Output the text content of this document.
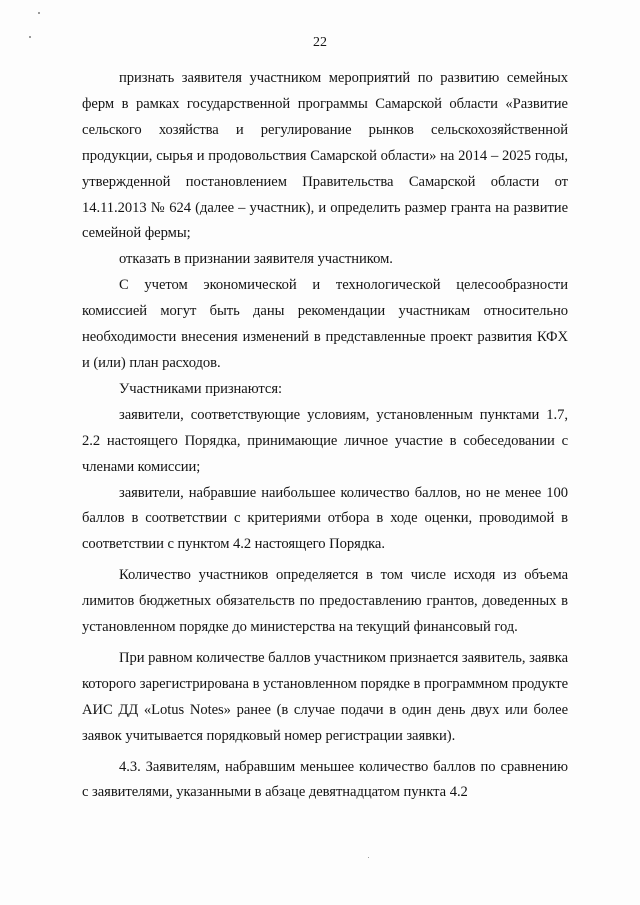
22

признать заявителя участником мероприятий по развитию семейных ферм в рамках государственной программы Самарской области «Развитие сельского хозяйства и регулирование рынков сельскохозяйственной продукции, сырья и продовольствия Самарской области» на 2014 – 2025 годы, утвержденной постановлением Правительства Самарской области от 14.11.2013 № 624 (далее – участник), и определить размер гранта на развитие семейной фермы;

отказать в признании заявителя участником.

С учетом экономической и технологической целесообразности комиссией могут быть даны рекомендации участникам относительно необходимости внесения изменений в представленные проект развития КФХ и (или) план расходов.

Участниками признаются:

заявители, соответствующие условиям, установленным пунктами 1.7, 2.2 настоящего Порядка, принимающие личное участие в собеседовании с членами комиссии;

заявители, набравшие наибольшее количество баллов, но не менее 100 баллов в соответствии с критериями отбора в ходе оценки, проводимой в соответствии с пунктом 4.2 настоящего Порядка.

Количество участников определяется в том числе исходя из объема лимитов бюджетных обязательств по предоставлению грантов, доведенных в установленном порядке до министерства на текущий финансовый год.

При равном количестве баллов участником признается заявитель, заявка которого зарегистрирована в установленном порядке в программном продукте АИС ДД «Lotus Notes» ранее (в случае подачи в один день двух или более заявок учитывается порядковый номер регистрации заявки).

4.3. Заявителям, набравшим меньшее количество баллов по сравнению с заявителями, указанными в абзаце девятнадцатом пункта 4.2
